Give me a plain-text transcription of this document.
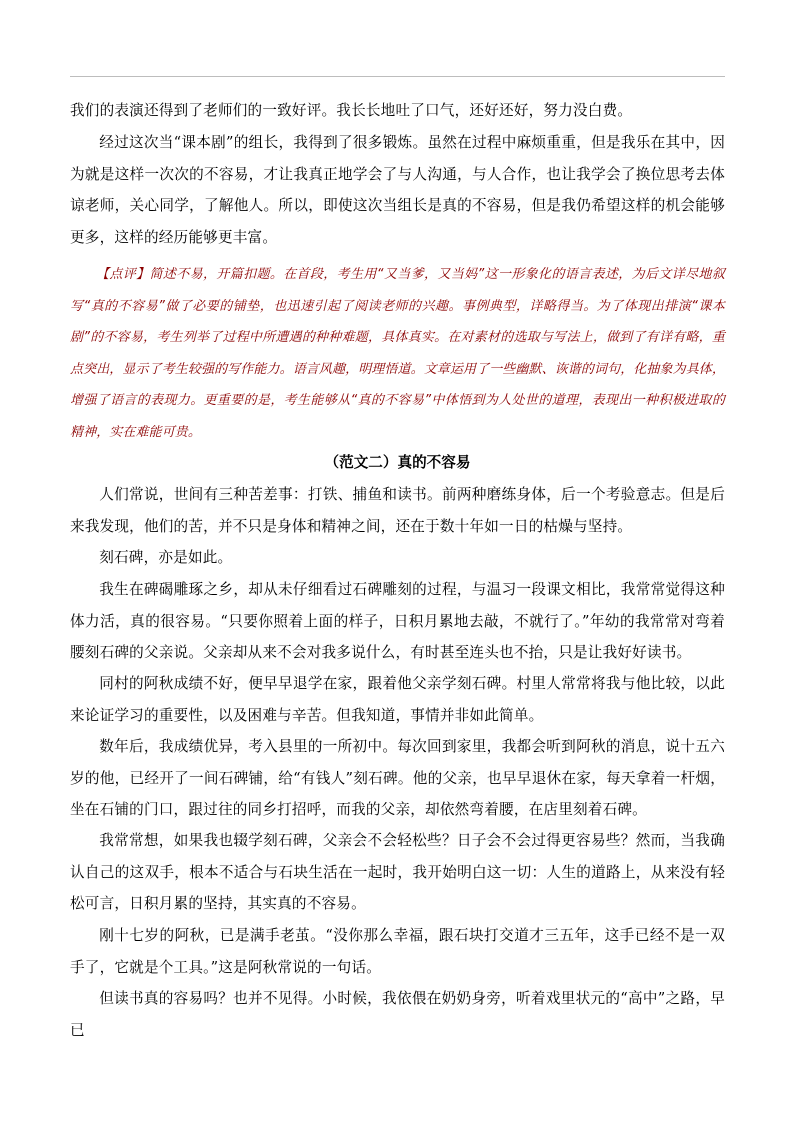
我们的表演还得到了老师们的一致好评。我长长地吐了口气，还好还好，努力没白费。

经过这次当“课本剧”的组长，我得到了很多锻炼。虽然在过程中麻烦重重，但是我乐在其中，因为就是这样一次次的不容易，才让我真正地学会了与人沟通，与人合作，也让我学会了换位思考去体谅老师，关心同学，了解他人。所以，即使这次当组长是真的不容易，但是我仍希望这样的机会能够更多，这样的经历能够更丰富。

【点评】简述不易，开篇扣题。在首段，考生用“又当爹，又当妈”这一形象化的语言表述，为后文详尽地叙写“真的不容易”做了必要的铺垫，也迅速引起了阅读老师的兴趣。事例典型，详略得当。为了体现出排演“课本剧”的不容易，考生列举了过程中所遭遇的种种难题，具体真实。在对素材的选取与写法上，做到了有详有略，重点突出，显示了考生较强的写作能力。语言风趣，明理悟道。文章运用了一些幽默、诙谐的词句，化抽象为具体，增强了语言的表现力。更重要的是，考生能够从“真的不容易”中体悟到为人处世的道理，表现出一种积极进取的精神，实在难能可贵。

（范文二）真的不容易

人们常说，世间有三种苦差事：打铁、捕鱼和读书。前两种磨练身体，后一个考验意志。但是后来我发现，他们的苦，并不只是身体和精神之间，还在于数十年如一日的枯燥与坚持。

刻石碑，亦是如此。

我生在碑碣雕琢之乡，却从未仔细看过石碑雕刻的过程，与温习一段课文相比，我常常觉得这种体力活，真的很容易。“只要你照着上面的样子，日积月累地去敲，不就行了。”年幼的我常常对弯着腰刻石碑的父亲说。父亲却从来不会对我多说什么，有时甚至连头也不抬，只是让我好好读书。

同村的阿秋成绩不好，便早早退学在家，跟着他父亲学刻石碑。村里人常常将我与他比较，以此来论证学习的重要性，以及困难与辛苦。但我知道，事情并非如此简单。

数年后，我成绩优异，考入县里的一所初中。每次回到家里，我都会听到阿秋的消息，说十五六岁的他，已经开了一间石碑铺，给“有钱人”刻石碑。他的父亲，也早早退休在家，每天拿着一杆烟，坐在石铺的门口，跟过往的同乡打招呼，而我的父亲，却依然弯着腰，在店里刻着石碑。

我常常想，如果我也辍学刻石碑，父亲会不会轻松些？日子会不会过得更容易些？然而，当我确认自己的这双手，根本不适合与石块生活在一起时，我开始明白这一切：人生的道路上，从来没有轻松可言，日积月累的坚持，其实真的不容易。

刚十七岁的阿秋，已是满手老茧。“没你那么幸福，跟石块打交道才三五年，这手已经不是一双手了，它就是个工具。”这是阿秋常说的一句话。

但读书真的容易吗？也并不见得。小时候，我依偎在奶奶身旁，听着戏里状元的“高中”之路，早已
